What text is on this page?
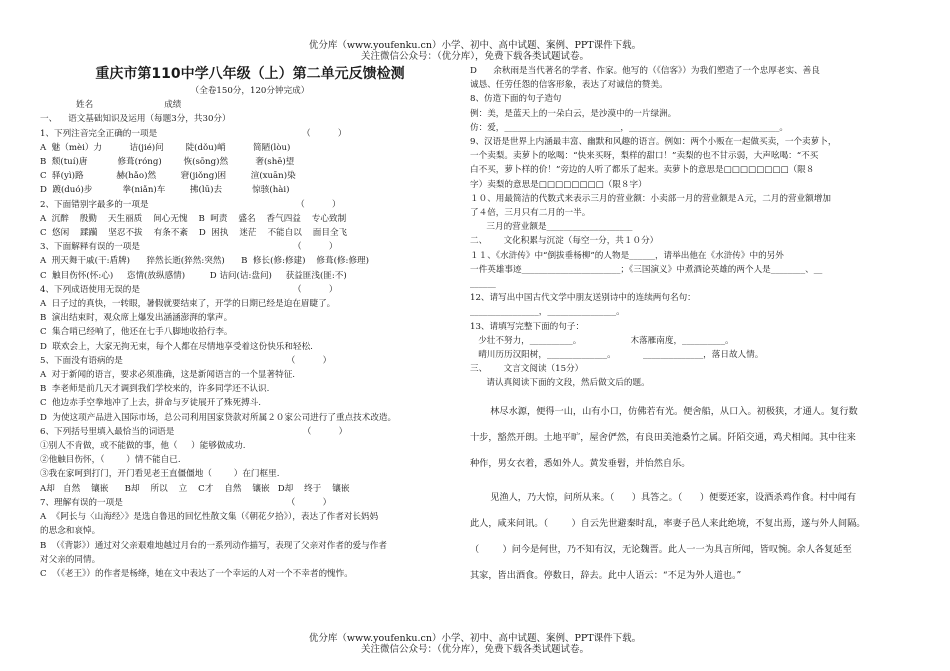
优分库（www.youfenku.cn）小学、初中、高中试题、案例、PPT课件下载。
关注微信公众号：（优分库），免费下载各类试题试卷。
重庆市第110中学八年级（上）第二单元反馈检测
（全卷150分，120分钟完成）
姓名                          成绩
一、    语文基础知识及运用（每题3分，共30分）
1、下列注音完全正确的一项是                                                     （          ）
A  魅（mèi）力          诘(jié)问        陡(dǒu)峭          简陋(lòu)
B  颓(tuí)唐           修葺(róng)        恢(sōng)然          奢(shē)望
C  驿(yì)路            赫(hǎo)然         窘(jiǒng)困         渲(xuān)染
D  踱(duó)步           拳(niǎn)车         拂(lū)去           惊骇(hài)
2、下面错别字最多的一项是                                                      （          ）
A  沉醉    殷勤    天生丽质    间心无愧    B  呵责    盛名    香气四益    专心致制
C  悠闲    蹂躏    坚忍不拔    有条不紊    D  困执    迷茫    不能自以    面目全飞
3、下面解释有误的一项是                                                        （          ）
A  刑天舞干戚(干:盾牌)      猝然长逝(猝然:突然)      B  修长(修:修建)    修葺(修:修理)
C  触目伤怀(怀:心)     恣情(放纵感情)         D 诘问(诘:盘问)     获益匪浅(匪:不)
4、下列成语使用无误的是                                                        （          ）
A  日子过的真快，一转眼，暑假就要结束了，开学的日期已经是迫在眉睫了。
B  演出结束时，观众席上爆发出涵涵澎湃的掌声。
C  集合哨已经响了，他还在七手八脚地收拾行李。
D  联欢会上，大家无拘无束，每个人都在尽情地享受着这份快乐和轻松.
5、下面没有语病的是                                                            （          ）
A  对于新闻的语言，要求必须准确，这是新闻语言的一个显著特征.
B  李老师是前几天才调到我们学校来的，许多同学还不认识.
C  他边赤手空拳地冲了上去，拼命与歹徒展开了殊死搏斗.
D  为使这项产品进入国际市场，总公司利用国家贷款对所属２０家公司进行了重点技术改造。
6、下列括号里填入最恰当的词语是                                               （          ）
①别人不肯做，或不能做的事，他（     ）能够做成功.
②他触目伤怀，（        ）情不能自已.
③我在家呵到打门，开门看见老王直僵僵地（        ）在门框里.
A却   自然    镶嵌      B却    所以    立    C才    自然    镶嵌   D却    终于    镶嵌
7、理解有误的一项是                                                            （          ）
A  《阿长与〈山海经〉》是选自鲁迅的回忆性散文集（《朝花夕拾》），表达了作者对长妈妈
的思念和哀悼。
B  （《背影》）通过对父亲艰难地越过月台的一系列动作描写，表现了父亲对作者的爱与作者
对父亲的同情。
C  （《老王》）的作者是杨绛，她在文中表达了一个幸运的人对一个不幸者的愧怍。
D      余秋雨是当代著名的学者、作家。他写的（《信客》）为我们塑造了一个忠厚老实、善良
诚恳、任劳任怨的信客形象，表达了对诚信的赞美。
8、仿造下面的句子造句
例：美，是蓝天上的一朵白云，是沙漠中的一片绿洲。
仿：爱，___________________________，___________________________________。
9、汉语是世界上内涵最丰富、幽默和风趣的语言。例如：两个小贩在一起做买卖，一个卖萝卜，
一个卖梨。卖萝卜的吆喝：“快来买呀，梨样的甜口！”卖梨的也不甘示弱，大声吆喝：“不买
白不买，萝卜样的价！”旁边的人听了都乐了起来。卖萝卜的意思是□□□□□□□□（限８
字）卖梨的意思是□□□□□□□□（限８字）
１０、用最简洁的代数式来表示三月的营业额：小卖部一月的营业额是Ａ元，二月的营业额增加
了４倍，三月只有二月的一半。
三月的营业额是____________________
二、      文化积累与沉淀（每空一分，共１０分）
１１、《水浒传》中“倒拔垂杨柳”的人物是______，请举出他在《水浒传》中的另外
一件英雄事迹_______________________；《三国演义》中煮酒论英雄的两个人是________、__
______
12、请写出中国古代文学中朋友送别诗中的连续两句名句：
________________，________________。
13、请填写完整下面的句子：
少壮不努力，__________。                  木落雁南度，__________。
晴川历历汉阳树，______________。          ______________，落日故人情。
三、      文言文阅读（15分）
请认真阅读下面的文段，然后做文后的题。
林尽水源，便得一山，山有小口，仿佛若有光。便舍船，从口入。初极狭，才通人。复行数
十步，豁然开朗。土地平旷，屋舍俨然，有良田美池桑竹之属。阡陌交通，鸡犬相闻。其中往来
种作，男女衣着，悉如外人。黄发垂髫，并怡然自乐。
见渔人，乃大惊，问所从来。（      ）具答之。（      ）便要还家，设酒杀鸡作食。村中闻有
此人，咸来问讯。（        ）自云先世避秦时乱，率妻子邑人来此绝境，不复出焉，遂与外人间隔。
（        ）问今是何世，乃不知有汉，无论魏晋。此人一一为具言所闻，皆叹惋。余人各复延至
其家，皆出酒食。停数日，辞去。此中人语云：“不足为外人道也。”
优分库（www.youfenku.cn）小学、初中、高中试题、案例、PPT课件下载。
关注微信公众号：（优分库），免费下载各类试题试卷。
